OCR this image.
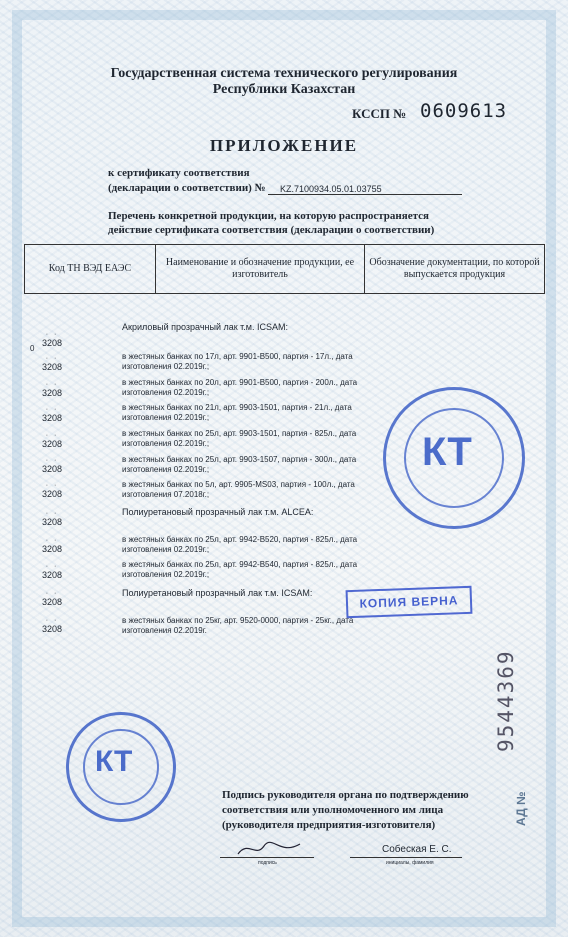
Государственная система технического регулирования
Республики Казахстан
КССП № 0609613
ПРИЛОЖЕНИЕ
к сертификату соответствия
(декларации о соответствии) №	KZ.7100934.05.01.03755
Перечень конкретной продукции, на которую распространяется
действие сертификата соответствия (декларации о соответствии)
Код ТН ВЭД ЕАЭС
Наименование и обозначение продукции, ее изготовитель
Обозначение документации, по которой выпускается продукция
0
· ·
3208
· ·
3208
· ·
3208
· ·
3208
· ·
3208
· ·
3208
· ·
3208
· ·
3208
· ·
3208
· ·
3208
· ·
3208
· ·
3208
Акриловый прозрачный лак т.м. ICSAM:
в жестяных банках по 17л, арт. 9901-B500, партия - 17л., дата
изготовления 02.2019г.;
в жестяных банках по 20л, арт. 9901-B500, партия - 200л., дата
изготовления 02.2019г.;
в жестяных банках по 21л, арт. 9903-1501, партия - 21л., дата
изготовления 02.2019г.;
в жестяных банках по 25л, арт. 9903-1501, партия - 825л., дата
изготовления 02.2019г.;
в жестяных банках по 25л, арт. 9903-1507, партия - 300л., дата
изготовления 02.2019г.;
в жестяных банках по 5л, арт. 9905-MS03, партия - 100л., дата
изготовления 07.2018г.;
Полиуретановый прозрачный лак т.м. ALCEA:
в жестяных банках по 25л, арт. 9942-B520, партия - 825л., дата
изготовления 02.2019г.;
в жестяных банках по 25л, арт. 9942-B540, партия - 825л., дата
изготовления 02.2019г.;
Полиуретановый прозрачный лак т.м. ICSAM:
в жестяных банках по 25кг, арт. 9520-0000, партия - 25кг., дата
изготовления 02.2019г.
КТ
КТ
КОПИЯ ВЕРНА
9544369
АД №
Подпись руководителя органа по подтверждению
соответствия или уполномоченного им лица
(руководителя предприятия-изготовителя)
подпись
Собеская Е. С.
инициалы, фамилия
